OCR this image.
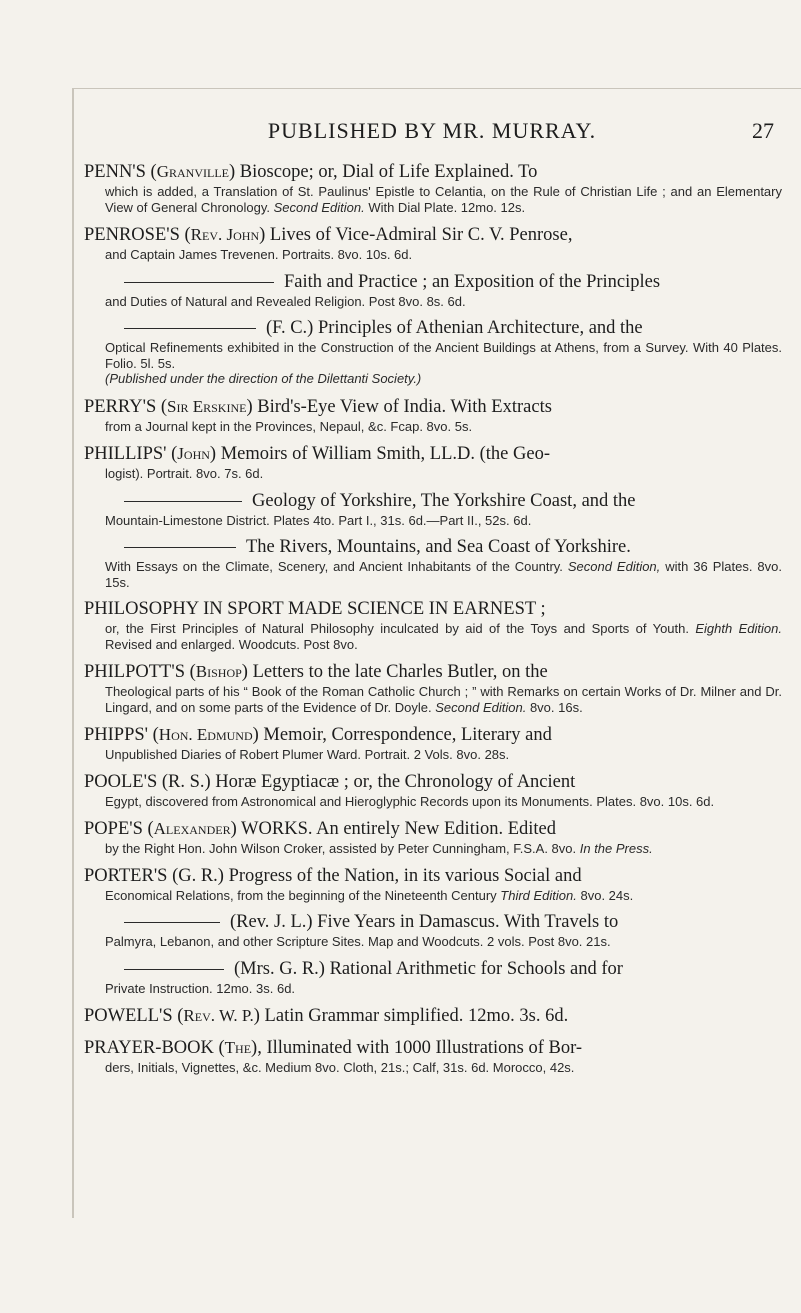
PUBLISHED BY MR. MURRAY.	27
PENN'S (Granville) Bioscope; or, Dial of Life Explained. To
which is added, a Translation of St. Paulinus' Epistle to Celantia, on the Rule of Christian Life ; and an Elementary View of General Chronology. Second Edition. With Dial Plate. 12mo. 12s.
PENROSE'S (Rev. John) Lives of Vice-Admiral Sir C. V. Penrose,
and Captain James Trevenen. Portraits. 8vo. 10s. 6d.
Faith and Practice ; an Exposition of the Principles
and Duties of Natural and Revealed Religion. Post 8vo. 8s. 6d.
(F. C.) Principles of Athenian Architecture, and the
Optical Refinements exhibited in the Construction of the Ancient Buildings at Athens, from a Survey. With 40 Plates. Folio. 5l. 5s.
(Published under the direction of the Dilettanti Society.)
PERRY'S (Sir Erskine) Bird's-Eye View of India. With Extracts
from a Journal kept in the Provinces, Nepaul, &c. Fcap. 8vo. 5s.
PHILLIPS' (John) Memoirs of William Smith, LL.D. (the Geo-
logist). Portrait. 8vo. 7s. 6d.
Geology of Yorkshire, The Yorkshire Coast, and the
Mountain-Limestone District. Plates 4to. Part I., 31s. 6d.—Part II., 52s. 6d.
The Rivers, Mountains, and Sea Coast of Yorkshire.
With Essays on the Climate, Scenery, and Ancient Inhabitants of the Country. Second Edition, with 36 Plates. 8vo. 15s.
PHILOSOPHY IN SPORT MADE SCIENCE IN EARNEST ;
or, the First Principles of Natural Philosophy inculcated by aid of the Toys and Sports of Youth. Eighth Edition. Revised and enlarged. Woodcuts. Post 8vo.
PHILPOTT'S (Bishop) Letters to the late Charles Butler, on the
Theological parts of his “ Book of the Roman Catholic Church ; ” with Remarks on certain Works of Dr. Milner and Dr. Lingard, and on some parts of the Evidence of Dr. Doyle. Second Edition. 8vo. 16s.
PHIPPS' (Hon. Edmund) Memoir, Correspondence, Literary and
Unpublished Diaries of Robert Plumer Ward. Portrait. 2 Vols. 8vo. 28s.
POOLE'S (R. S.) Horæ Egyptiacæ ; or, the Chronology of Ancient
Egypt, discovered from Astronomical and Hieroglyphic Records upon its Monuments. Plates. 8vo. 10s. 6d.
POPE'S (Alexander) WORKS. An entirely New Edition. Edited
by the Right Hon. John Wilson Croker, assisted by Peter Cunningham, F.S.A. 8vo. In the Press.
PORTER'S (G. R.) Progress of the Nation, in its various Social and
Economical Relations, from the beginning of the Nineteenth Century Third Edition. 8vo. 24s.
(Rev. J. L.) Five Years in Damascus. With Travels to
Palmyra, Lebanon, and other Scripture Sites. Map and Woodcuts. 2 vols. Post 8vo. 21s.
(Mrs. G. R.) Rational Arithmetic for Schools and for
Private Instruction. 12mo. 3s. 6d.
POWELL'S (Rev. W. P.) Latin Grammar simplified. 12mo. 3s. 6d.
PRAYER-BOOK (The), Illuminated with 1000 Illustrations of Bor-
ders, Initials, Vignettes, &c. Medium 8vo. Cloth, 21s.; Calf, 31s. 6d. Morocco, 42s.
